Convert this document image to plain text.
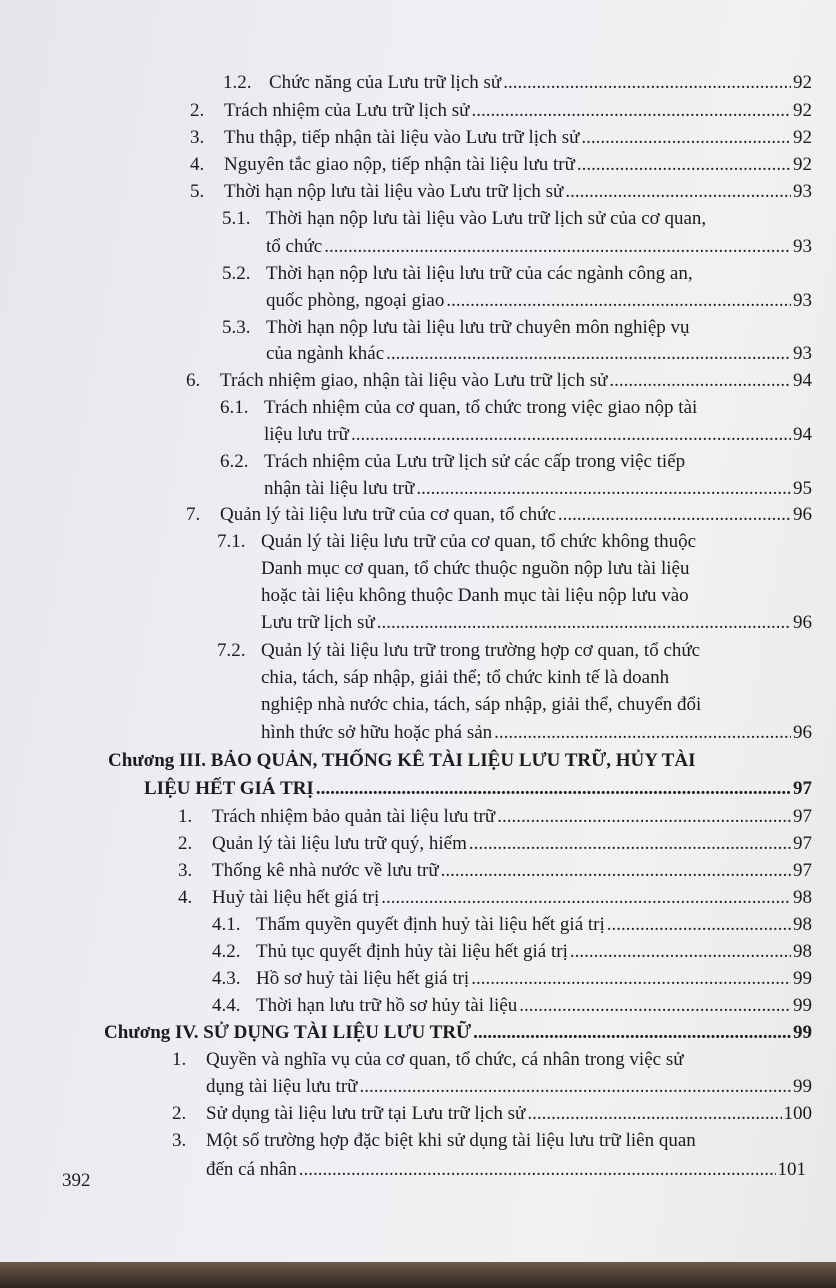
1.2. Chức năng của Lưu trữ lịch sử .....	92
2.	Trách nhiệm của Lưu trữ lịch sử .....	92
3.	Thu thập, tiếp nhận tài liệu vào Lưu trữ lịch sử .....	92
4.	Nguyên tắc giao nộp, tiếp nhận tài liệu lưu trữ .....	92
5.	Thời hạn nộp lưu tài liệu vào Lưu trữ lịch sử .....	93
5.1. Thời hạn nộp lưu tài liệu vào Lưu trữ lịch sử của cơ quan,
tổ chức .....	93
5.2. Thời hạn nộp lưu tài liệu lưu trữ của các ngành công an,
quốc phòng, ngoại giao .....	93
5.3. Thời hạn nộp lưu tài liệu lưu trữ chuyên môn nghiệp vụ
của ngành khác .....	93
6.	Trách nhiệm giao, nhận tài liệu vào Lưu trữ lịch sử .....	94
6.1. Trách nhiệm của cơ quan, tổ chức trong việc giao nộp tài
liệu lưu trữ .....	94
6.2. Trách nhiệm của Lưu trữ lịch sử các cấp trong việc tiếp
nhận tài liệu lưu trữ .....	95
7.	Quản lý tài liệu lưu trữ của cơ quan, tổ chức .....	96
7.1. Quản lý tài liệu lưu trữ của cơ quan, tổ chức không thuộc
Danh mục cơ quan, tổ chức thuộc nguồn nộp lưu tài liệu
hoặc tài liệu không thuộc Danh mục tài liệu nộp lưu vào
Lưu trữ lịch sử .....	96
7.2. Quản lý tài liệu lưu trữ trong trường hợp cơ quan, tổ chức
chia, tách, sáp nhập, giải thể; tổ chức kinh tế là doanh
nghiệp nhà nước chia, tách, sáp nhập, giải thể, chuyển đổi
hình thức sở hữu hoặc phá sản .....	96
Chương III. BẢO QUẢN, THỐNG KÊ TÀI LIỆU LƯU TRỮ, HỦY TÀI
LIỆU HẾT GIÁ TRỊ .....	97
1.	Trách nhiệm bảo quản tài liệu lưu trữ .....	97
2.	Quản lý tài liệu lưu trữ quý, hiếm .....	97
3.	Thống kê nhà nước về lưu trữ .....	97
4.	Huỷ tài liệu hết giá trị .....	98
4.1. Thẩm quyền quyết định huỷ tài liệu hết giá trị .....	98
4.2. Thủ tục quyết định hủy tài liệu hết giá trị .....	98
4.3. Hồ sơ huỷ tài liệu hết giá trị .....	99
4.4. Thời hạn lưu trữ hồ sơ hủy tài liệu .....	99
Chương IV. SỬ DỤNG TÀI LIỆU LƯU TRỮ .....	99
1.	Quyền và nghĩa vụ của cơ quan, tổ chức, cá nhân trong việc sử
dụng tài liệu lưu trữ .....	99
2.	Sử dụng tài liệu lưu trữ tại Lưu trữ lịch sử .....	100
3.	Một số trường hợp đặc biệt khi sử dụng tài liệu lưu trữ liên quan
đến cá nhân .....	101
392
